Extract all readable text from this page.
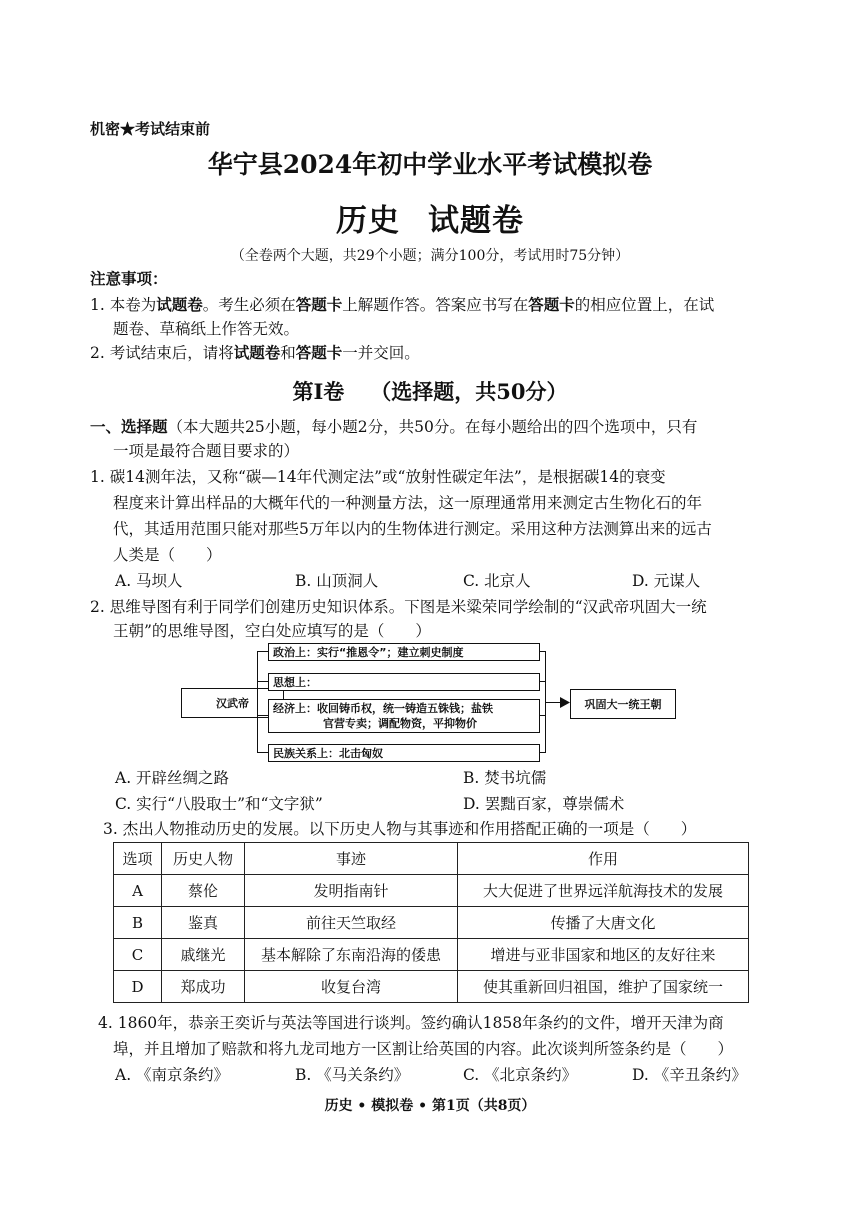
机密★考试结束前
华宁县2024年初中学业水平考试模拟卷
历史 试题卷
（全卷两个大题，共29个小题；满分100分，考试用时75分钟）
注意事项：
1. 本卷为试题卷。考生必须在答题卡上解题作答。答案应书写在答题卡的相应位置上，在试
题卷、草稿纸上作答无效。
2. 考试结束后，请将试题卷和答题卡一并交回。
第Ⅰ卷 （选择题，共50分）
一、选择题（本大题共25小题，每小题2分，共50分。在每小题给出的四个选项中，只有
一项是最符合题目要求的）
1. 碳14测年法，又称“碳—14年代测定法”或“放射性碳定年法”，是根据碳14的衰变
程度来计算出样品的大概年代的一种测量方法，这一原理通常用来测定古生物化石的年
代，其适用范围只能对那些5万年以内的生物体进行测定。采用这种方法测算出来的远古
人类是（　　）
A. 马坝人	B. 山顶洞人	C. 北京人	D. 元谋人
2. 思维导图有利于同学们创建历史知识体系。下图是米粱荣同学绘制的“汉武帝巩固大一统
王朝”的思维导图，空白处应填写的是（　　）
汉武帝
政治上：实行“推恩令”；建立刺史制度
思想上：
经济上：收回铸币权，统一铸造五铢钱；盐铁
官营专卖；调配物资，平抑物价
民族关系上：北击匈奴
巩固大一统王朝
A. 开辟丝绸之路	B. 焚书坑儒
C. 实行“八股取士”和“文字狱”	D. 罢黜百家，尊崇儒术
3. 杰出人物推动历史的发展。以下历史人物与其事迹和作用搭配正确的一项是（　　）
选项	历史人物	事迹	作用
A	蔡伦	发明指南针	大大促进了世界远洋航海技术的发展
B	鉴真	前往天竺取经	传播了大唐文化
C	戚继光	基本解除了东南沿海的倭患	增进与亚非国家和地区的友好往来
D	郑成功	收复台湾	使其重新回归祖国，维护了国家统一
4. 1860年，恭亲王奕䜣与英法等国进行谈判。签约确认1858年条约的文件，增开天津为商
埠，并且增加了赔款和将九龙司地方一区割让给英国的内容。此次谈判所签条约是（　　）
A. 《南京条约》	B. 《马关条约》	C. 《北京条约》	D. 《辛丑条约》
历史 • 模拟卷 • 第1页（共8页）
